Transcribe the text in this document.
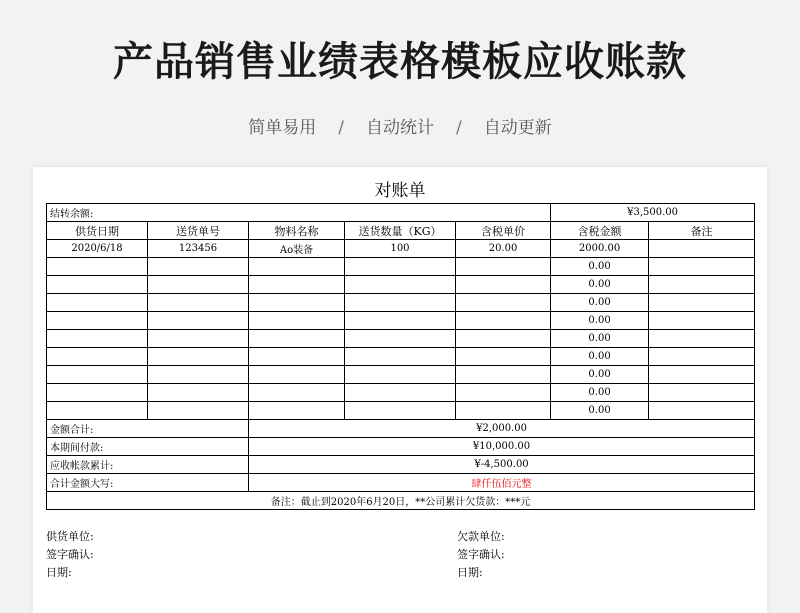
产品销售业绩表格模板应收账款
简单易用 / 自动统计 / 自动更新
对账单
结转余额:					¥3,500.00	
供货日期	送货单号	物料名称	送货数量（KG）	含税单价	含税金额	备注
2020/6/18	123456	Ao装备	100	20.00	2000.00	
					0.00	
					0.00	
					0.00	
					0.00	
					0.00	
					0.00	
					0.00	
					0.00	
					0.00	
金额合计:		¥2,000.00				
本期间付款:		¥10,000.00				
应收帐款累计:		¥-4,500.00				
合计金额大写:		肆仟伍佰元整				
备注：截止到2020年6月20日，**公司累计欠货款：***元						
供货单位:	欠款单位:
签字确认:	签字确认:
日期:	日期:
